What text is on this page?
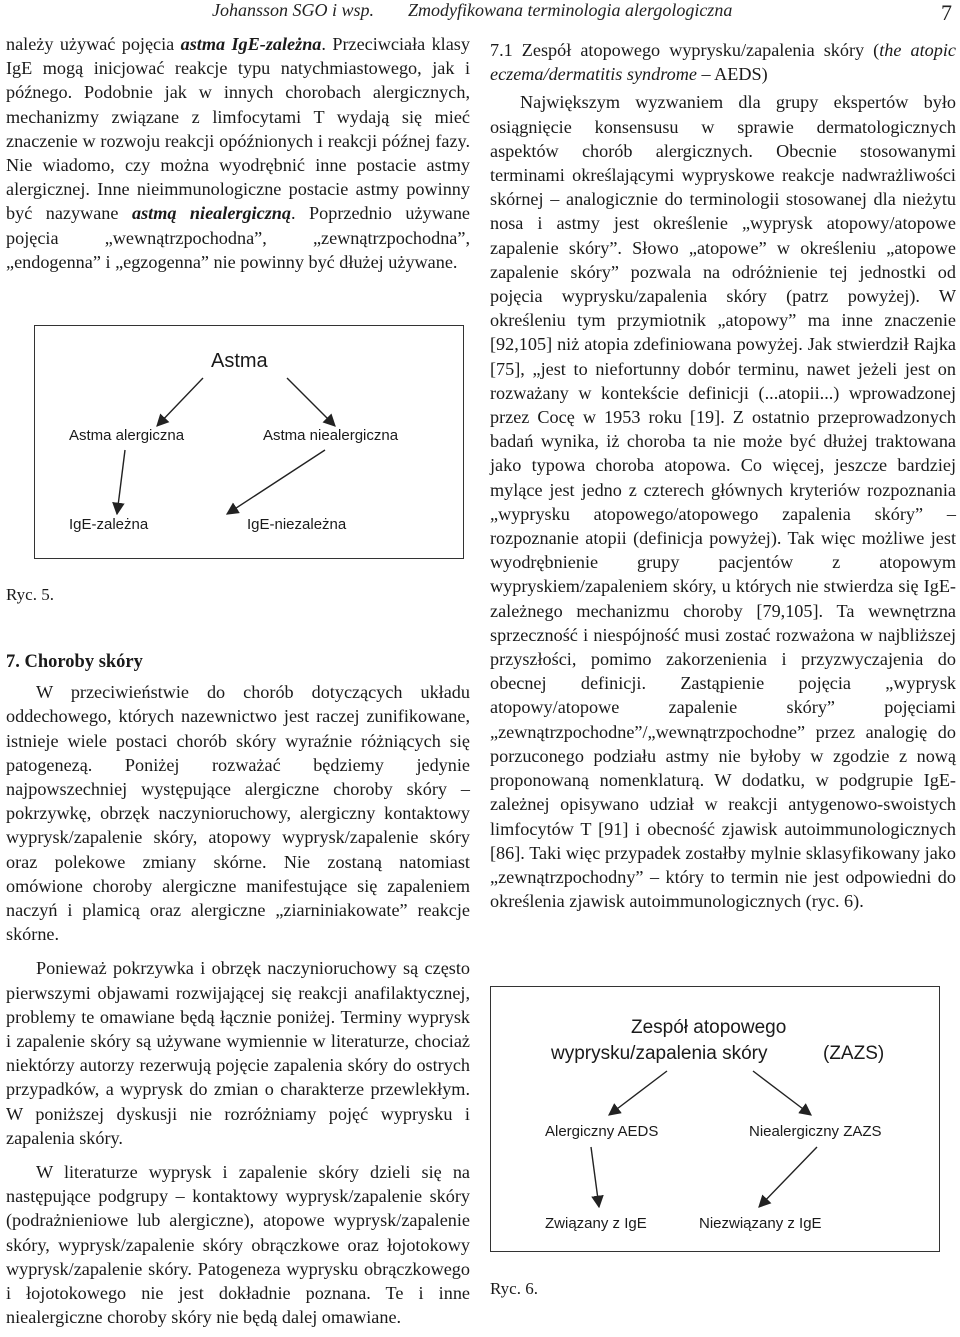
Johansson SGO i wsp. Zmodyfikowana terminologia alergologiczna	7

należy używać pojęcia astma IgE-zależna. Przeciwciała klasy IgE mogą inicjować reakcje typu natychmiastowego, jak i późnego. Podobnie jak w innych chorobach alergicznych, mechanizmy związane z limfocytami T wydają się mieć znaczenie w rozwoju reakcji opóźnionych i reakcji późnej fazy. Nie wiadomo, czy można wyodrębnić inne postacie astmy alergicznej. Inne nieimmunologiczne postacie astmy powinny być nazywane astmą niealergiczną. Poprzednio używane pojęcia „wewnątrzpochodna”, „zewnątrzpochodna”, „endogenna” i „egzogenna” nie powinny być dłużej używane.

Astma
Astma alergiczna	Astma niealergiczna
IgE-zależna	IgE-niezależna
Ryc. 5.
7. Choroby skóry

W przeciwieństwie do chorób dotyczących układu oddechowego, których nazewnictwo jest raczej zunifikowane, istnieje wiele postaci chorób skóry wyraźnie różniących się patogenezą. Poniżej rozważać będziemy jedynie najpowszechniej występujące alergiczne choroby skóry – pokrzywkę, obrzęk naczynioruchowy, alergiczny kontaktowy wyprysk/zapalenie skóry, atopowy wyprysk/zapalenie skóry oraz polekowe zmiany skórne. Nie zostaną natomiast omówione choroby alergiczne manifestujące się zapaleniem naczyń i plamicą oraz alergiczne „ziarniniakowate” reakcje skórne.

Ponieważ pokrzywka i obrzęk naczynioruchowy są często pierwszymi objawami rozwijającej się reakcji anafilaktycznej, problemy te omawiane będą łącznie poniżej. Terminy wyprysk i zapalenie skóry są używane wymiennie w literaturze, chociaż niektórzy autorzy rezerwują pojęcie zapalenia skóry do ostrych przypadków, a wyprysk do zmian o charakterze przewlekłym. W poniższej dyskusji nie rozróżniamy pojęć wyprysku i zapalenia skóry.

W literaturze wyprysk i zapalenie skóry dzieli się na następujące podgrupy – kontaktowy wyprysk/zapalenie skóry (podrażnieniowe lub alergiczne), atopowe wyprysk/zapalenie skóry, wyprysk/zapalenie skóry obrączkowe oraz łojotokowy wyprysk/zapalenie skóry. Patogeneza wyprysku obrączkowego i łojotokowego nie jest dokładnie poznana. Te i inne niealergiczne choroby skóry nie będą dalej omawiane.

7.1 Zespół atopowego wyprysku/zapalenia skóry (the atopic eczema/dermatitis syndrome – AEDS)

Największym wyzwaniem dla grupy ekspertów było osiągnięcie konsensusu w sprawie dermatologicznych aspektów chorób alergicznych. Obecnie stosowanymi terminami określającymi wypryskowe reakcje nadwrażliwości skórnej – analogicznie do terminologii stosowanej dla nieżytu nosa i astmy jest określenie „wyprysk atopowy/atopowe zapalenie skóry”. Słowo „atopowe” w określeniu „atopowe zapalenie skóry” pozwala na odróżnienie tej jednostki od pojęcia wyprysku/zapalenia skóry (patrz powyżej). W określeniu tym przymiotnik „atopowy” ma inne znaczenie [92,105] niż atopia zdefiniowana powyżej. Jak stwierdził Rajka [75], „jest to niefortunny dobór terminu, nawet jeżeli jest on rozważany w kontekście definicji (...atopii...) wprowadzonej przez Cocę w 1953 roku [19]. Z ostatnio przeprowadzonych badań wynika, iż choroba ta nie może być dłużej traktowana jako typowa choroba atopowa. Co więcej, jeszcze bardziej mylące jest jedno z czterech głównych kryteriów rozpoznania „wyprysku atopowego/atopowego zapalenia skóry” – rozpoznanie atopii (definicja powyżej). Tak więc możliwe jest wyodrębnienie grupy pacjentów z atopowym wypryskiem/zapaleniem skóry, u których nie stwierdza się IgE-zależnego mechanizmu choroby [79,105]. Ta wewnętrzna sprzeczność i niespójność musi zostać rozważona w najbliższej przyszłości, pomimo zakorzenienia i przyzwyczajenia do obecnej definicji. Zastąpienie pojęcia „wyprysk atopowy/atopowe zapalenie skóry” pojęciami „zewnątrzpochodne”/„wewnątrzpochodne” przez analogię do porzuconego podziału astmy nie byłoby w zgodzie z nową proponowaną nomenklaturą. W dodatku, w podgrupie IgE-zależnej opisywano udział w reakcji antygenowo-swoistych limfocytów T [91] i obecność zjawisk autoimmunologicznych [86]. Taki więc przypadek zostałby mylnie sklasyfikowany jako „zewnątrzpochodny” – który to termin nie jest odpowiedni do określenia zjawisk autoimmunologicznych (ryc. 6).

Zespół atopowego
wyprysku/zapalenia skóry	(ZAZS)
Alergiczny AEDS	Niealergiczny ZAZS
Związany z IgE	Niezwiązany z IgE
Ryc. 6.
